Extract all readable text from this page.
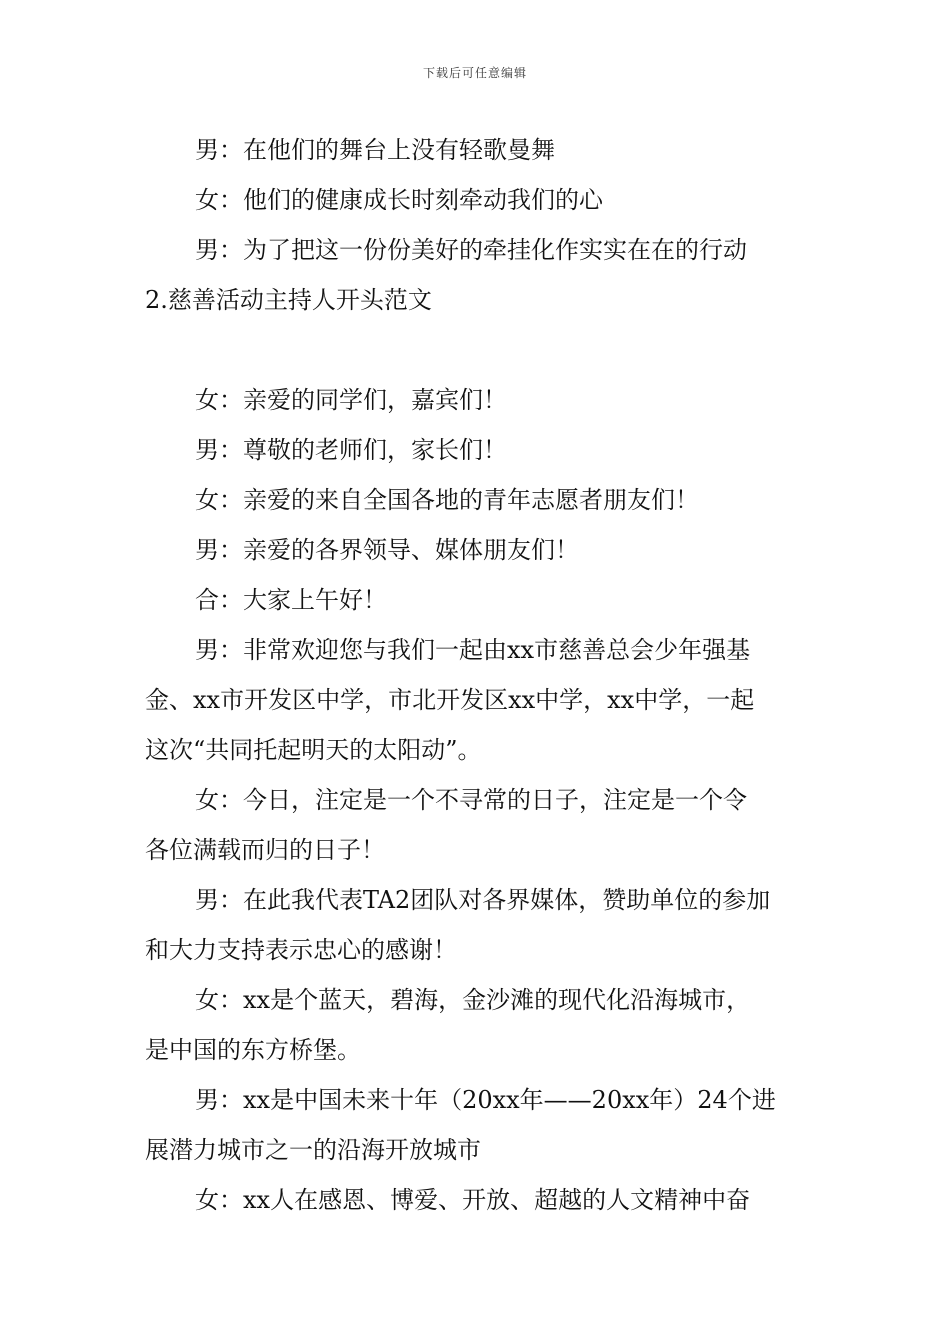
下载后可任意编辑
男：在他们的舞台上没有轻歌曼舞
女：他们的健康成长时刻牵动我们的心
男：为了把这一份份美好的牵挂化作实实在在的行动
2.慈善活动主持人开头范文
女：亲爱的同学们，嘉宾们！
男：尊敬的老师们，家长们！
女：亲爱的来自全国各地的青年志愿者朋友们！
男：亲爱的各界领导、媒体朋友们！
合：大家上午好！
男：非常欢迎您与我们一起由xx市慈善总会少年强基
金、xx市开发区中学，市北开发区xx中学，xx中学，一起
这次“共同托起明天的太阳动”。
女：今日，注定是一个不寻常的日子，注定是一个令
各位满载而归的日子！
男：在此我代表TA2团队对各界媒体，赞助单位的参加
和大力支持表示忠心的感谢！
女：xx是个蓝天，碧海，金沙滩的现代化沿海城市，
是中国的东方桥堡。
男：xx是中国未来十年（20xx年——20xx年）24个进
展潜力城市之一的沿海开放城市
女：xx人在感恩、博爱、开放、超越的人文精神中奋
